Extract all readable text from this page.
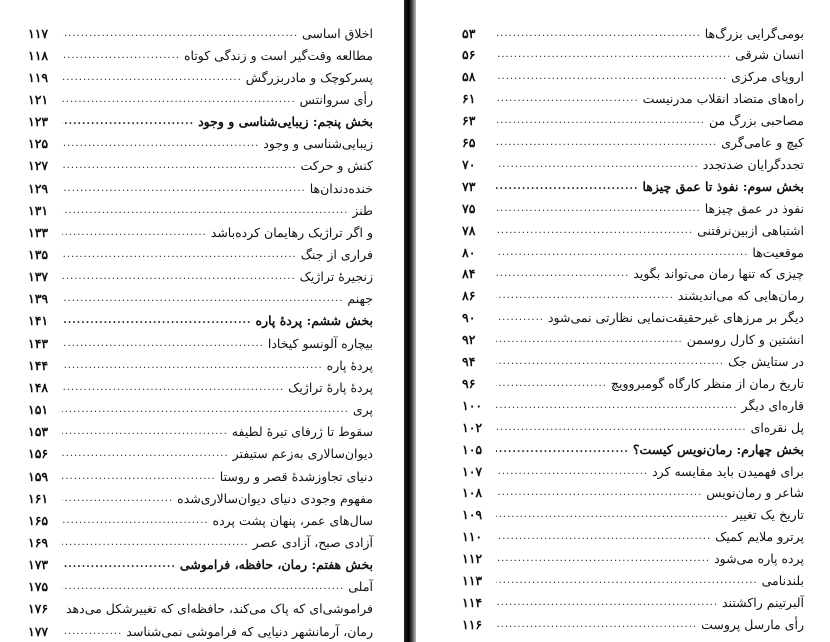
اخلاق اساسی
.....
۱۱۷
مطالعه وقت‌گیر است و زندگی کوتاه
.....
۱۱۸
پسرکوچک و مادربزرگش
.....
۱۱۹
رأی سروانتس
.....
۱۲۱
بخش پنجم: زیبایی‌شناسی و وجود
.....
۱۲۳
زیبایی‌شناسی و وجود
.....
۱۲۵
کنش و حرکت
.....
۱۲۷
خنده‌دندان‌ها
.....
۱۲۹
طنز
.....
۱۳۱
و اگر تراژیک رهایمان کرده‌باشد
.....
۱۳۳
فراری از جنگ
.....
۱۳۵
زنجیرهٔ تراژیک
.....
۱۳۷
جهنم
.....
۱۳۹
بخش ششم: پردهٔ پاره
.....
۱۴۱
بیچاره آلونسو کیخادا
.....
۱۴۳
پردهٔ پاره
.....
۱۴۴
پردهٔ پارهٔ تراژیک
.....
۱۴۸
پری
.....
۱۵۱
سقوط تا ژرفای تیرهٔ لطیفه
.....
۱۵۳
دیوان‌سالاری به‌زعم ستیفتر
.....
۱۵۶
دنیای تجاوزشدهٔ قصر و روستا
.....
۱۵۹
مفهوم وجودی دنیای دیوان‌سالاری‌شده
.....
۱۶۱
سال‌های عمر، پنهان پشت پرده
.....
۱۶۵
آزادی صبح، آزادی عصر
.....
۱۶۹
بخش هفتم: رمان، حافظه، فراموشی
.....
۱۷۳
آملی
.....
۱۷۵
فراموشی‌ای که پاک می‌کند، حافظه‌ای که تغییرشکل می‌دهد
۱۷۶
رمان، آرمانشهر دنیایی که فراموشی نمی‌شناسد
.....
۱۷۷
بومی‌گرایی بزرگ‌ها
.....
۵۳
انسان شرقی
.....
۵۶
اروپای مرکزی
.....
۵۸
راه‌های متضاد انقلاب مدرنیست
.....
۶۱
مصاحبی بزرگ من
.....
۶۳
کیچ و عامی‌گری
.....
۶۵
تجددگرایان ضدتجدد
.....
۷۰
بخش سوم: نفوذ تا عمق چیزها
.....
۷۳
نفوذ در عمق چیزها
.....
۷۵
اشتباهی ازبین‌نرفتنی
.....
۷۸
موقعیت‌ها
.....
۸۰
چیزی که تنها رمان می‌تواند بگوید
.....
۸۴
رمان‌هایی که می‌اندیشند
.....
۸۶
دیگر بر مرزهای غیرحقیقت‌نمایی نظارتی نمی‌شود
.....
۹۰
انشتین و کارل روسمن
.....
۹۲
در ستایش جک
.....
۹۴
تاریخ رمان از منظر کارگاه گومبروویچ
.....
۹۶
قاره‌ای دیگر
.....
۱۰۰
پل نقره‌ای
.....
۱۰۲
بخش چهارم: رمان‌نویس کیست؟
.....
۱۰۵
برای فهمیدن باید مقایسه کرد
.....
۱۰۷
شاعر و رمان‌نویس
.....
۱۰۸
تاریخ یک تغییر
.....
۱۰۹
پرترو ملایم کمیک
.....
۱۱۰
پرده پاره می‌شود
.....
۱۱۲
بلندنامی
.....
۱۱۳
آلبرتینم راکشتند
.....
۱۱۴
رأی مارسل پروست
.....
۱۱۶
